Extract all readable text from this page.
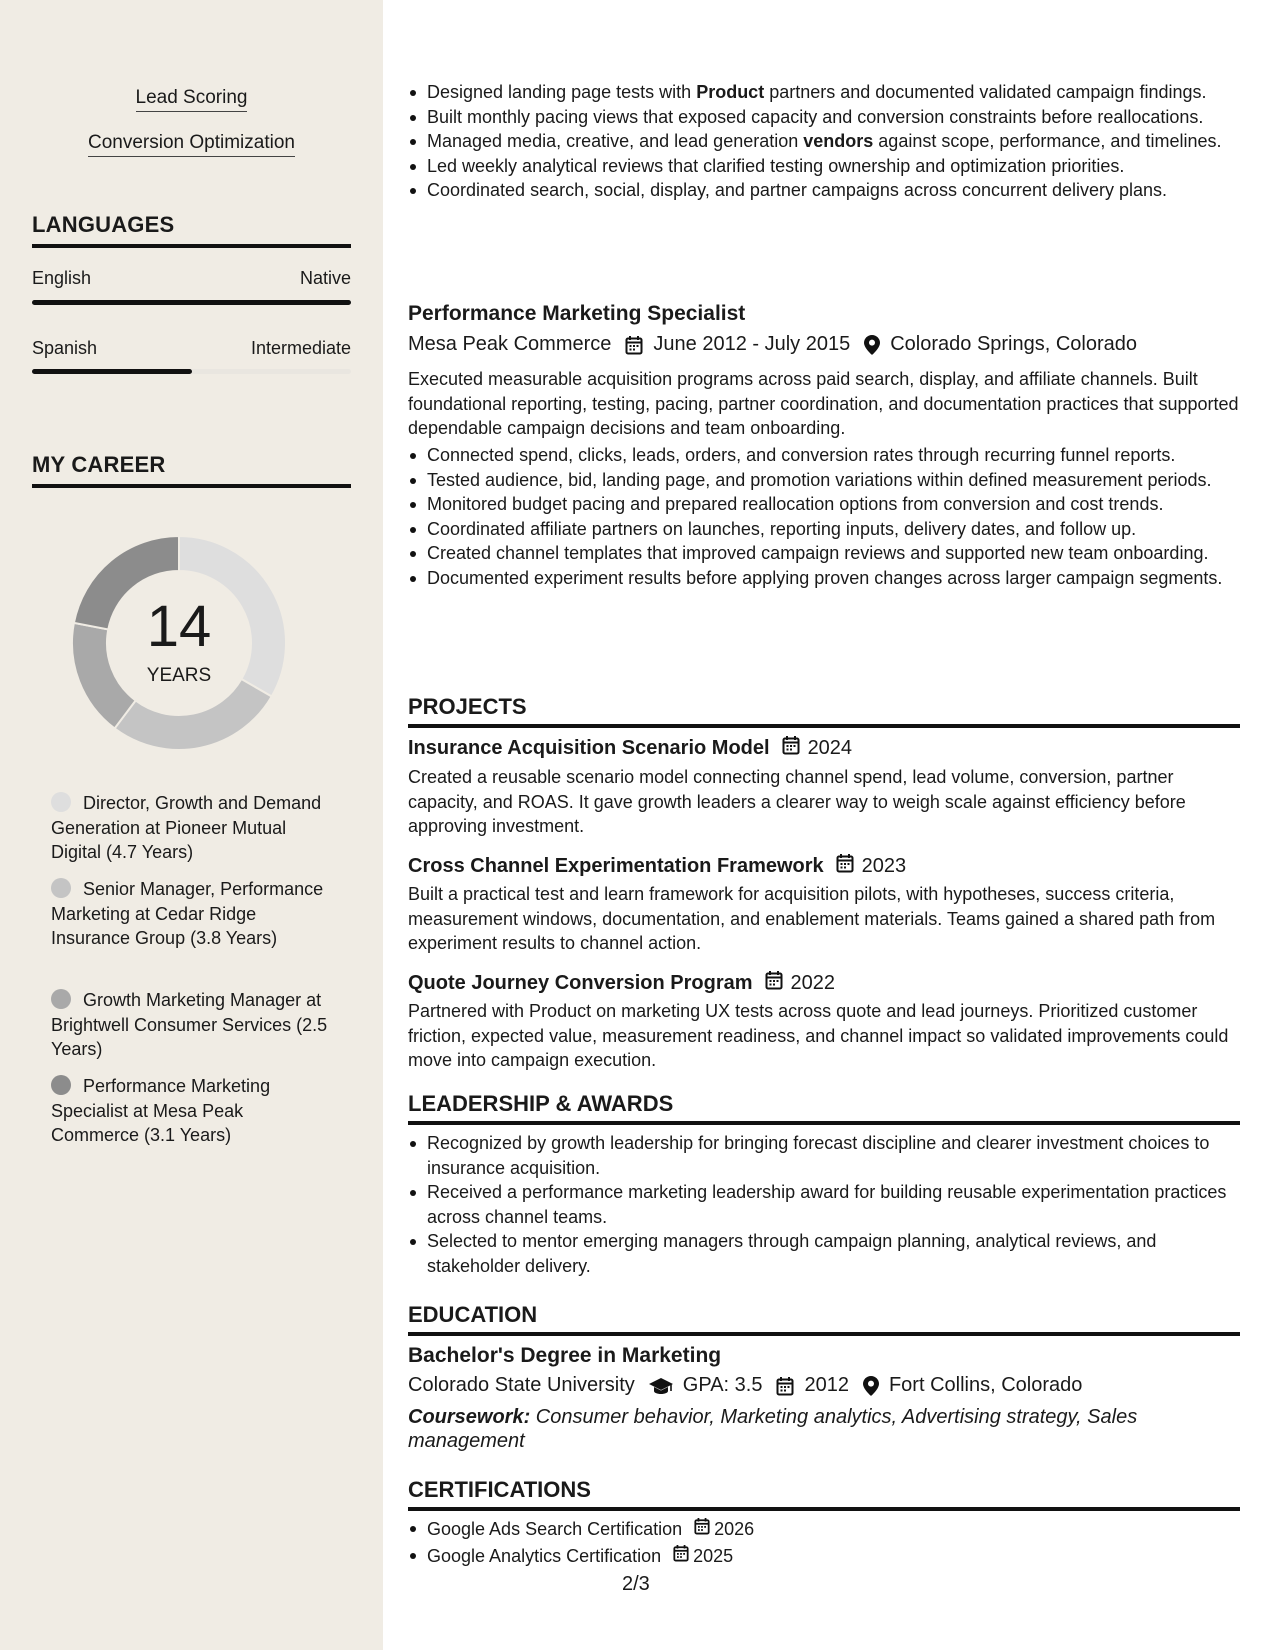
Lead Scoring
Conversion Optimization
LANGUAGES
English	Native
Spanish	Intermediate
MY CAREER
14
YEARS
Director, Growth and Demand Generation at Pioneer Mutual Digital (4.7 Years)
Senior Manager, Performance Marketing at Cedar Ridge Insurance Group (3.8 Years)
Growth Marketing Manager at Brightwell Consumer Services (2.5 Years)
Performance Marketing Specialist at Mesa Peak Commerce (3.1 Years)
Designed landing page tests with Product partners and documented validated campaign findings.
Built monthly pacing views that exposed capacity and conversion constraints before reallocations.
Managed media, creative, and lead generation vendors against scope, performance, and timelines.
Led weekly analytical reviews that clarified testing ownership and optimization priorities.
Coordinated search, social, display, and partner campaigns across concurrent delivery plans.
Performance Marketing Specialist
Mesa Peak Commerce June 2012 - July 2015 Colorado Springs, Colorado
Executed measurable acquisition programs across paid search, display, and affiliate channels. Built foundational reporting, testing, pacing, partner coordination, and documentation practices that supported dependable campaign decisions and team onboarding.
Connected spend, clicks, leads, orders, and conversion rates through recurring funnel reports.
Tested audience, bid, landing page, and promotion variations within defined measurement periods.
Monitored budget pacing and prepared reallocation options from conversion and cost trends.
Coordinated affiliate partners on launches, reporting inputs, delivery dates, and follow up.
Created channel templates that improved campaign reviews and supported new team onboarding.
Documented experiment results before applying proven changes across larger campaign segments.
PROJECTS
Insurance Acquisition Scenario Model 2024
Created a reusable scenario model connecting channel spend, lead volume, conversion, partner capacity, and ROAS. It gave growth leaders a clearer way to weigh scale against efficiency before approving investment.
Cross Channel Experimentation Framework 2023
Built a practical test and learn framework for acquisition pilots, with hypotheses, success criteria, measurement windows, documentation, and enablement materials. Teams gained a shared path from experiment results to channel action.
Quote Journey Conversion Program 2022
Partnered with Product on marketing UX tests across quote and lead journeys. Prioritized customer friction, expected value, measurement readiness, and channel impact so validated improvements could move into campaign execution.
LEADERSHIP & AWARDS
Recognized by growth leadership for bringing forecast discipline and clearer investment choices to insurance acquisition.
Received a performance marketing leadership award for building reusable experimentation practices across channel teams.
Selected to mentor emerging managers through campaign planning, analytical reviews, and stakeholder delivery.
EDUCATION
Bachelor's Degree in Marketing
Colorado State University GPA: 3.5 2012 Fort Collins, Colorado
Coursework: Consumer behavior, Marketing analytics, Advertising strategy, Sales management
CERTIFICATIONS
Google Ads Search Certification 2026
Google Analytics Certification 2025
2/3
